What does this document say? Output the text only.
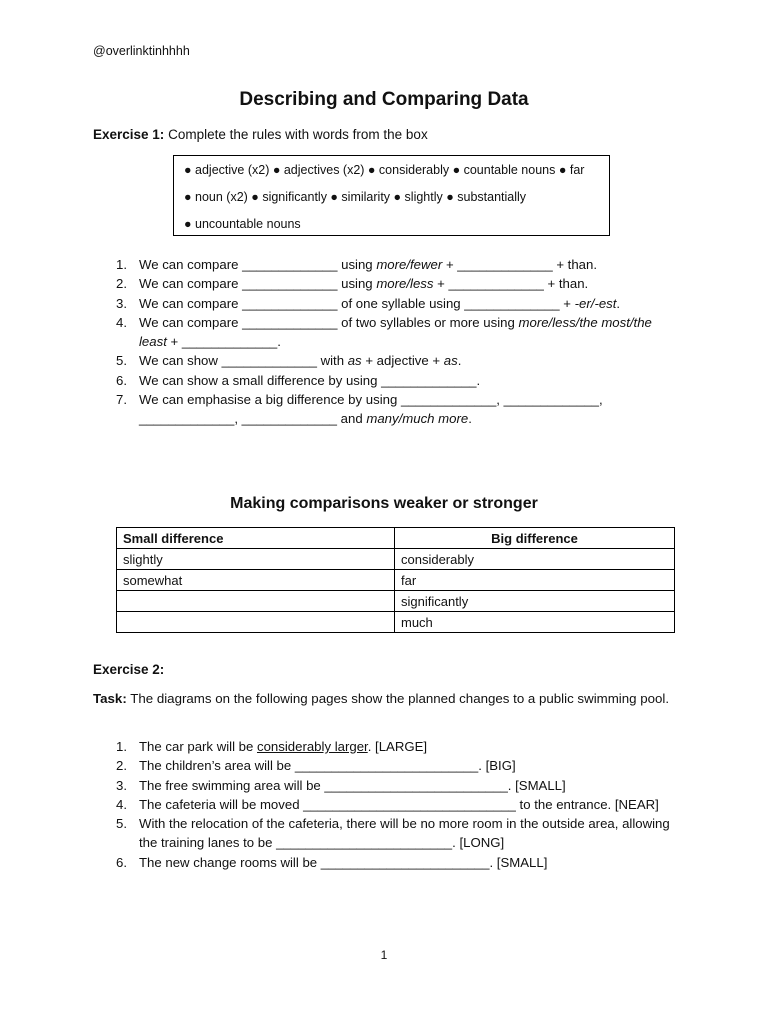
@overlinktinhhhh
Describing and Comparing Data
Exercise 1: Complete the rules with words from the box
● adjective (x2) ● adjectives (x2) ● considerably ● countable nouns ● far
● noun (x2) ● significantly ● similarity ● slightly ● substantially
● uncountable nouns
1. We can compare _____________ using more/fewer + _____________ + than.
2. We can compare _____________ using more/less + _____________ + than.
3. We can compare _____________ of one syllable using _____________ + -er/-est.
4. We can compare _____________ of two syllables or more using more/less/the most/the least + _____________.
5. We can show _____________ with as + adjective + as.
6. We can show a small difference by using _____________.
7. We can emphasise a big difference by using _____________, _____________, _____________, _____________ and many/much more.
Making comparisons weaker or stronger
Small difference	Big difference
slightly	considerably
somewhat	far
	significantly
	much
Exercise 2:
Task: The diagrams on the following pages show the planned changes to a public swimming pool.
1. The car park will be considerably larger. [LARGE]
2. The children’s area will be _________________________. [BIG]
3. The free swimming area will be _________________________. [SMALL]
4. The cafeteria will be moved _____________________________ to the entrance. [NEAR]
5. With the relocation of the cafeteria, there will be no more room in the outside area, allowing the training lanes to be ________________________. [LONG]
6. The new change rooms will be _______________________. [SMALL]
1
